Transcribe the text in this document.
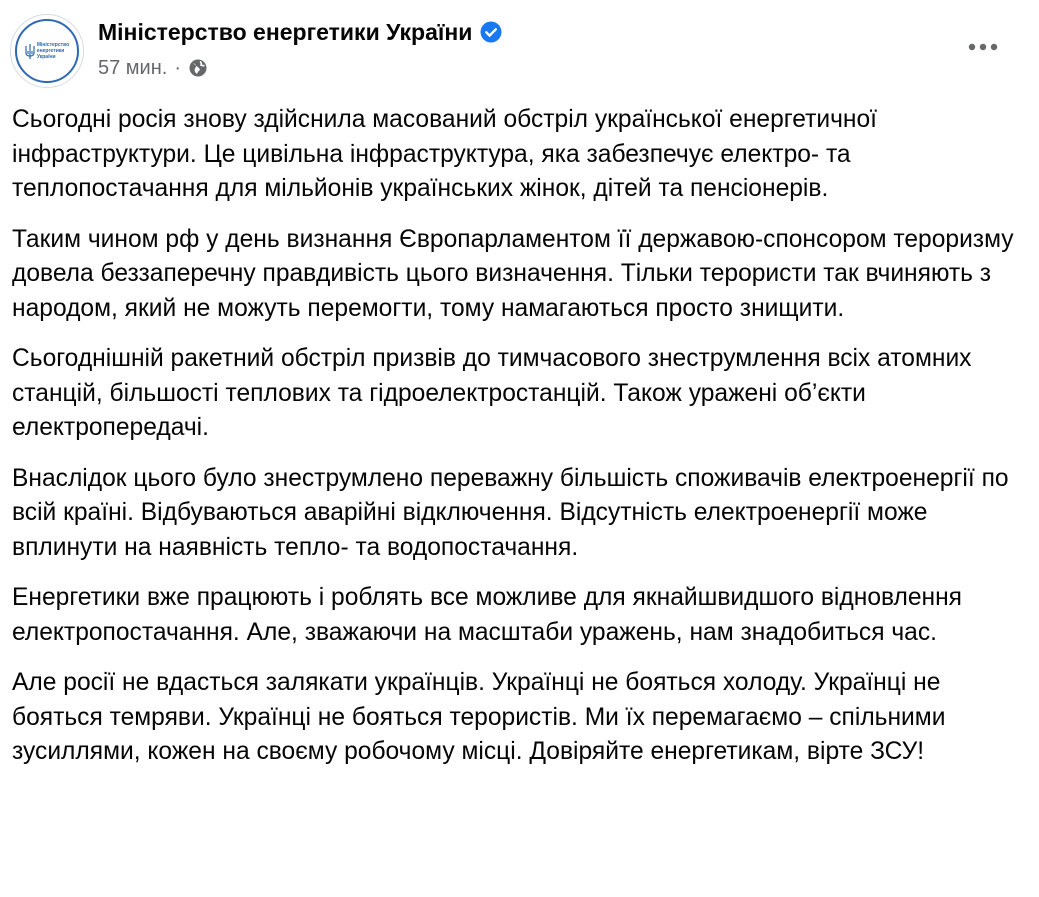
Міністерство
енергетики
України
Міністерство енергетики України
57 мин. ·

Сьогодні росія знову здійснила масований обстріл української енергетичної інфраструктури. Це цивільна інфраструктура, яка забезпечує електро- та теплопостачання для мільйонів українських жінок, дітей та пенсіонерів.

Таким чином рф у день визнання Європарламентом її державою-спонсором тероризму довела беззаперечну правдивість цього визначення. Тільки терористи так вчиняють з народом, який не можуть перемогти, тому намагаються просто знищити.

Сьогоднішній ракетний обстріл призвів до тимчасового знеструмлення всіх атомних станцій, більшості теплових та гідроелектростанцій. Також уражені об’єкти електропередачі.

Внаслідок цього було знеструмлено переважну більшість споживачів електроенергії по всій країні. Відбуваються аварійні відключення. Відсутність електроенергії може вплинути на наявність тепло- та водопостачання.

Енергетики вже працюють і роблять все можливе для якнайшвидшого відновлення електропостачання. Але, зважаючи на масштаби уражень, нам знадобиться час.

Але росії не вдасться залякати українців. Українці не бояться холоду. Українці не бояться темряви. Українці не бояться терористів. Ми їх перемагаємо – спільними зусиллями, кожен на своєму робочому місці. Довіряйте енергетикам, вірте ЗСУ!
